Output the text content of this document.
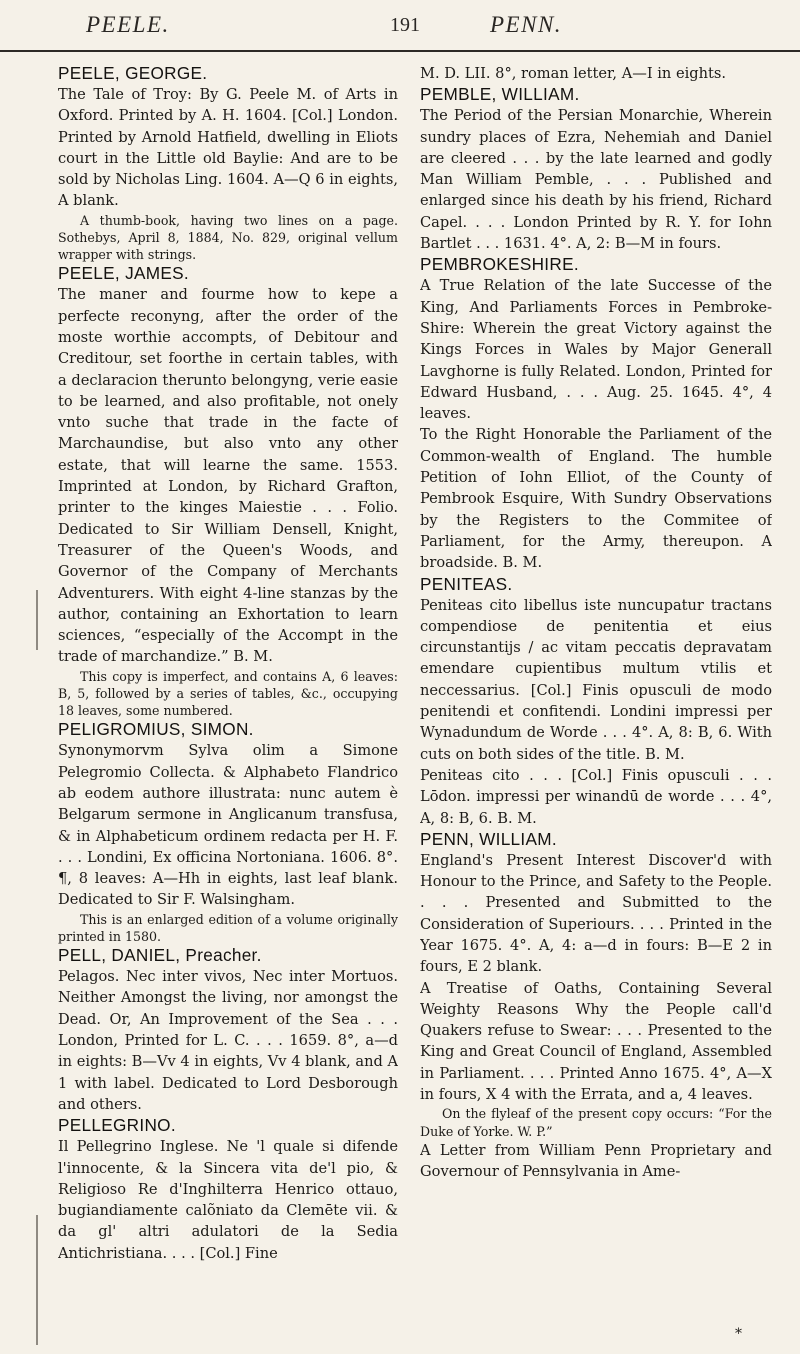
PEELE.	191	PENN.

PEELE, GEORGE.

The Tale of Troy: By G. Peele M. of Arts in Oxford. Printed by A. H. 1604. [Col.] London. Printed by Arnold Hatfield, dwelling in Eliots court in the Little old Baylie: And are to be sold by Nicholas Ling. 1604. A—Q 6 in eights, A blank.

A thumb-book, having two lines on a page. Sothebys, April 8, 1884, No. 829, original vellum wrapper with strings.

PEELE, JAMES.

The maner and fourme how to kepe a perfecte reconyng, after the order of the moste worthie accompts, of Debitour and Creditour, set foorthe in certain tables, with a declaracion therunto belongyng, verie easie to be learned, and also profitable, not onely vnto suche that trade in the facte of Marchaundise, but also vnto any other estate, that will learne the same. 1553. Imprinted at London, by Richard Grafton, printer to the kinges Maiestie . . . Folio. Dedicated to Sir William Densell, Knight, Treasurer of the Queen's Woods, and Governor of the Company of Merchants Adventurers. With eight 4-line stanzas by the author, containing an Exhortation to learn sciences, “especially of the Accompt in the trade of marchandize.” B. M.

This copy is imperfect, and contains A, 6 leaves: B, 5, followed by a series of tables, &c., occupying 18 leaves, some numbered.

PELIGROMIUS, SIMON.

Synonymorvm Sylva olim a Simone Pelegromio Collecta. & Alphabeto Flandrico ab eodem authore illustrata: nunc autem è Belgarum sermone in Anglicanum transfusa, & in Alphabeticum ordinem redacta per H. F. . . . Londini, Ex officina Nortoniana. 1606. 8°. ¶, 8 leaves: A—Hh in eights, last leaf blank. Dedicated to Sir F. Walsingham.

This is an enlarged edition of a volume originally printed in 1580.

PELL, DANIEL, Preacher.

Pelagos. Nec inter vivos, Nec inter Mortuos. Neither Amongst the living, nor amongst the Dead. Or, An Improvement of the Sea . . . London, Printed for L. C. . . . 1659. 8°, a—d in eights: B—Vv 4 in eights, Vv 4 blank, and A 1 with label. Dedicated to Lord Desborough and others.

PELLEGRINO.

Il Pellegrino Inglese. Ne 'l quale si difende l'innocente, & la Sincera vita de'l pio, & Religioso Re d'Inghilterra Henrico ottauo, bugiandiamente calõniato da Clemēte vii. & da gl' altri adulatori de la Sedia Antichristiana. . . . [Col.] Fine

M. D. LII. 8°, roman letter, A—I in eights.

PEMBLE, WILLIAM.

The Period of the Persian Monarchie, Wherein sundry places of Ezra, Nehemiah and Daniel are cleered . . . by the late learned and godly Man William Pemble, . . . Published and enlarged since his death by his friend, Richard Capel. . . . London Printed by R. Y. for Iohn Bartlet . . . 1631. 4°. A, 2: B—M in fours.

PEMBROKESHIRE.

A True Relation of the late Successe of the King, And Parliaments Forces in Pembroke-Shire: Wherein the great Victory against the Kings Forces in Wales by Major Generall Lavghorne is fully Related. London, Printed for Edward Husband, . . . Aug. 25. 1645. 4°, 4 leaves.

To the Right Honorable the Parliament of the Common-wealth of England. The humble Petition of Iohn Elliot, of the County of Pembrook Esquire, With Sundry Observations by the Registers to the Commitee of Parliament, for the Army, thereupon. A broadside. B. M.

PENITEAS.

Peniteas cito libellus iste nuncupatur tractans compendiose de penitentia et eius circunstantijs / ac vitam peccatis depravatam emendare cupientibus multum vtilis et neccessarius. [Col.] Finis opusculi de modo penitendi et confitendi. Londini impressi per Wynadundum de Worde . . . 4°. A, 8: B, 6. With cuts on both sides of the title. B. M.

Peniteas cito . . . [Col.] Finis opusculi . . . Lōdon. impressi per winandū de worde . . . 4°, A, 8: B, 6. B. M.

PENN, WILLIAM.

England's Present Interest Discover'd with Honour to the Prince, and Safety to the People. . . . Presented and Submitted to the Consideration of Superiours. . . . Printed in the Year 1675. 4°. A, 4: a—d in fours: B—E 2 in fours, E 2 blank.

A Treatise of Oaths, Containing Several Weighty Reasons Why the People call'd Quakers refuse to Swear: . . . Presented to the King and Great Council of England, Assembled in Parliament. . . . Printed Anno 1675. 4°, A—X in fours, X 4 with the Errata, and a, 4 leaves.

On the flyleaf of the present copy occurs: “For the Duke of Yorke. W. P.”

A Letter from William Penn Proprietary and Governour of Pennsylvania in Ame-

*
